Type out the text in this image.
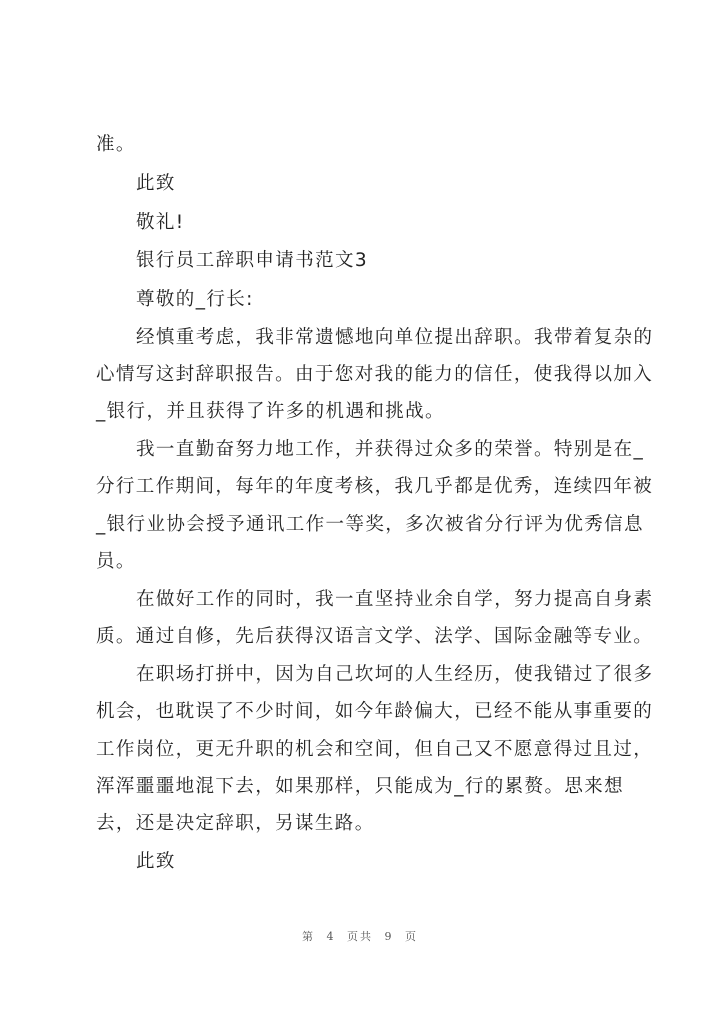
准。
此致
敬礼!
银行员工辞职申请书范文3
尊敬的_行长:
经慎重考虑，我非常遗憾地向单位提出辞职。我带着复杂的
心情写这封辞职报告。由于您对我的能力的信任，使我得以加入
_银行，并且获得了许多的机遇和挑战。
我一直勤奋努力地工作，并获得过众多的荣誉。特别是在_
分行工作期间，每年的年度考核，我几乎都是优秀，连续四年被
_银行业协会授予通讯工作一等奖，多次被省分行评为优秀信息
员。
在做好工作的同时，我一直坚持业余自学，努力提高自身素
质。通过自修，先后获得汉语言文学、法学、国际金融等专业。
在职场打拼中，因为自己坎坷的人生经历，使我错过了很多
机会，也耽误了不少时间，如今年龄偏大，已经不能从事重要的
工作岗位，更无升职的机会和空间，但自己又不愿意得过且过，
浑浑噩噩地混下去，如果那样，只能成为_行的累赘。思来想
去，还是决定辞职，另谋生路。
此致
第 4 页共 9 页
